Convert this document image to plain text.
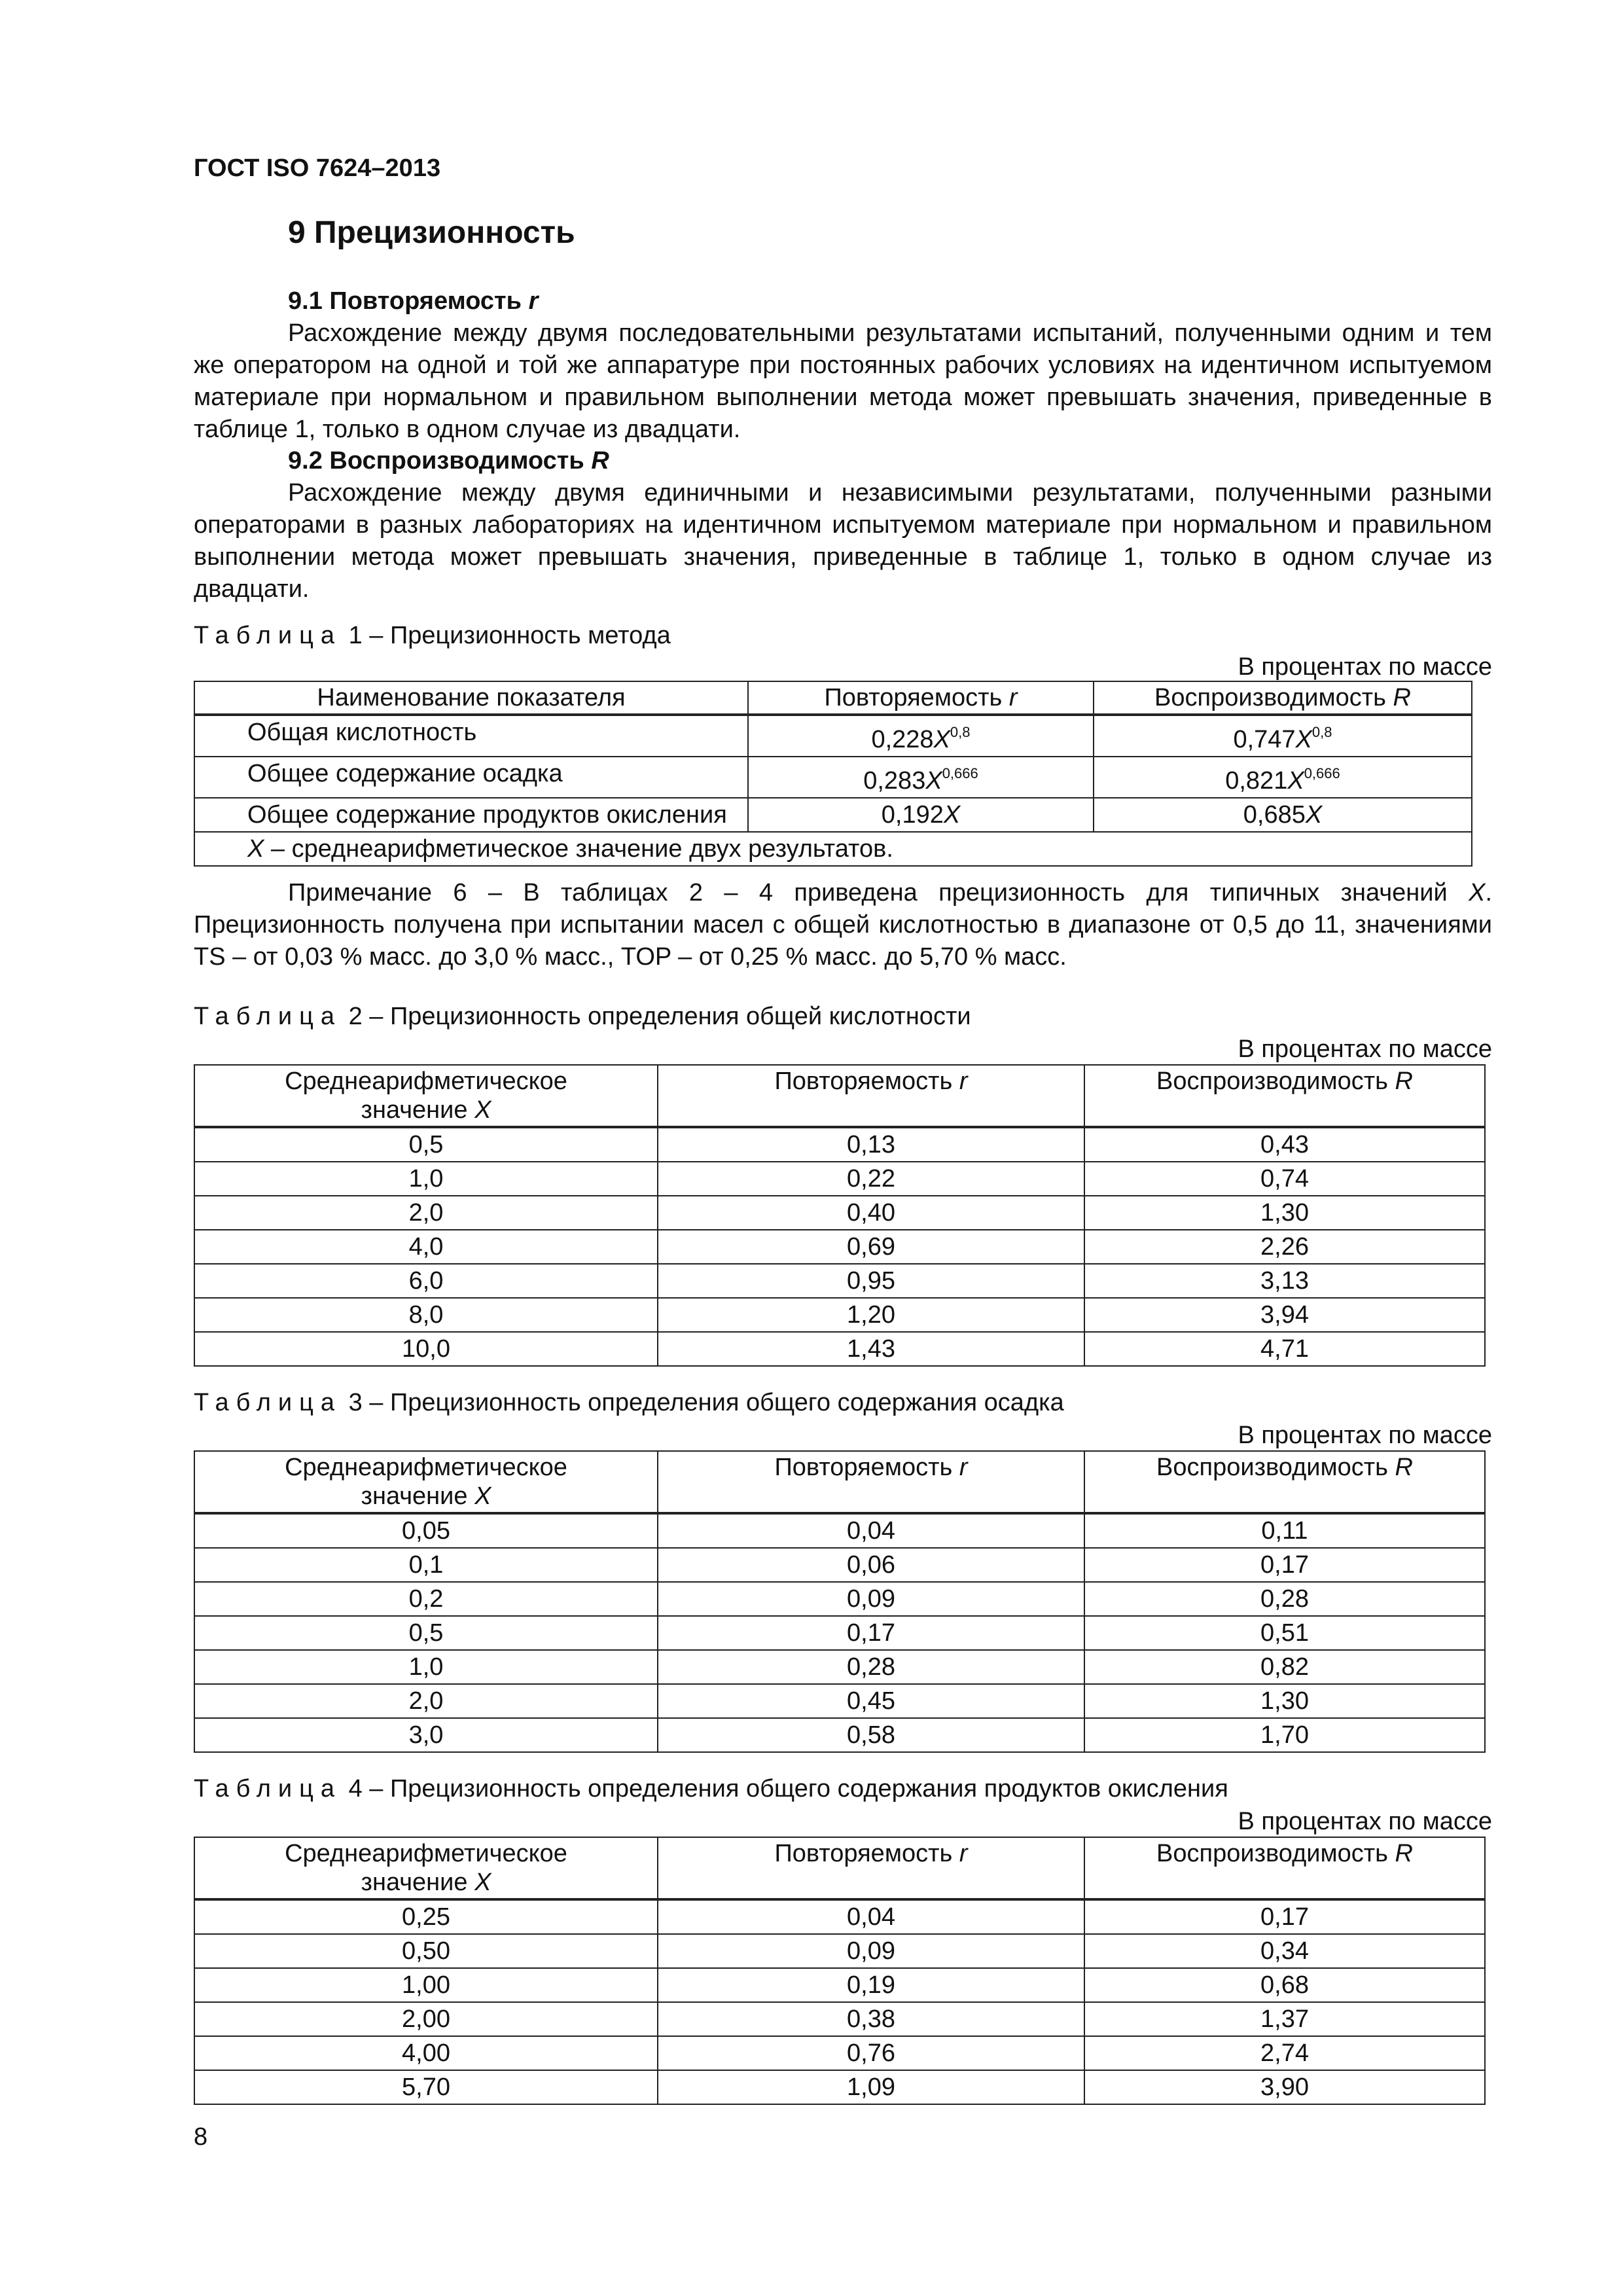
ГОСТ ISO 7624–2013
9 Прецизионность
9.1 Повторяемость r

Расхождение между двумя последовательными результатами испытаний, полученными одним и тем же оператором на одной и той же аппаратуре при постоянных рабочих условиях на идентичном испытуемом материале при нормальном и правильном выполнении метода может превышать значения, приведенные в таблице 1, только в одном случае из двадцати.

9.2 Воспроизводимость R

Расхождение между двумя единичными и независимыми результатами, полученными разными операторами в разных лабораториях на идентичном испытуемом материале при нормальном и правильном выполнении метода может превышать значения, приведенные в таблице 1, только в одном случае из двадцати.

Таблица 1 – Прецизионность метода
В процентах по массе
Наименование показателя	Повторяемость r	Воспроизводимость R
Общая кислотность	$0,228X^{0,8}$	$0,747X^{0,8}$
Общее содержание осадка	$0,283X^{0,666}$	$0,821X^{0,666}$
Общее содержание продуктов окисления	0,192X	0,685X
X – среднеарифметическое значение двух результатов.		
Примечание 6 – В таблицах 2 – 4 приведена прецизионность для типичных значений X. Прецизионность получена при испытании масел с общей кислотностью в диапазоне от 0,5 до 11, значениями TS – от 0,03 % масс. до 3,0 % масс., TOP – от 0,25 % масс. до 5,70 % масс.
Таблица 2 – Прецизионность определения общей кислотности
В процентах по массе
Среднеарифметическое
значение X	Повторяемость r	Воспроизводимость R
0,5	0,13	0,43
1,0	0,22	0,74
2,0	0,40	1,30
4,0	0,69	2,26
6,0	0,95	3,13
8,0	1,20	3,94
10,0	1,43	4,71
Таблица 3 – Прецизионность определения общего содержания осадка
В процентах по массе
Среднеарифметическое
значение X	Повторяемость r	Воспроизводимость R
0,05	0,04	0,11
0,1	0,06	0,17
0,2	0,09	0,28
0,5	0,17	0,51
1,0	0,28	0,82
2,0	0,45	1,30
3,0	0,58	1,70
Таблица 4 – Прецизионность определения общего содержания продуктов окисления
В процентах по массе
Среднеарифметическое
значение X	Повторяемость r	Воспроизводимость R
0,25	0,04	0,17
0,50	0,09	0,34
1,00	0,19	0,68
2,00	0,38	1,37
4,00	0,76	2,74
5,70	1,09	3,90
8
